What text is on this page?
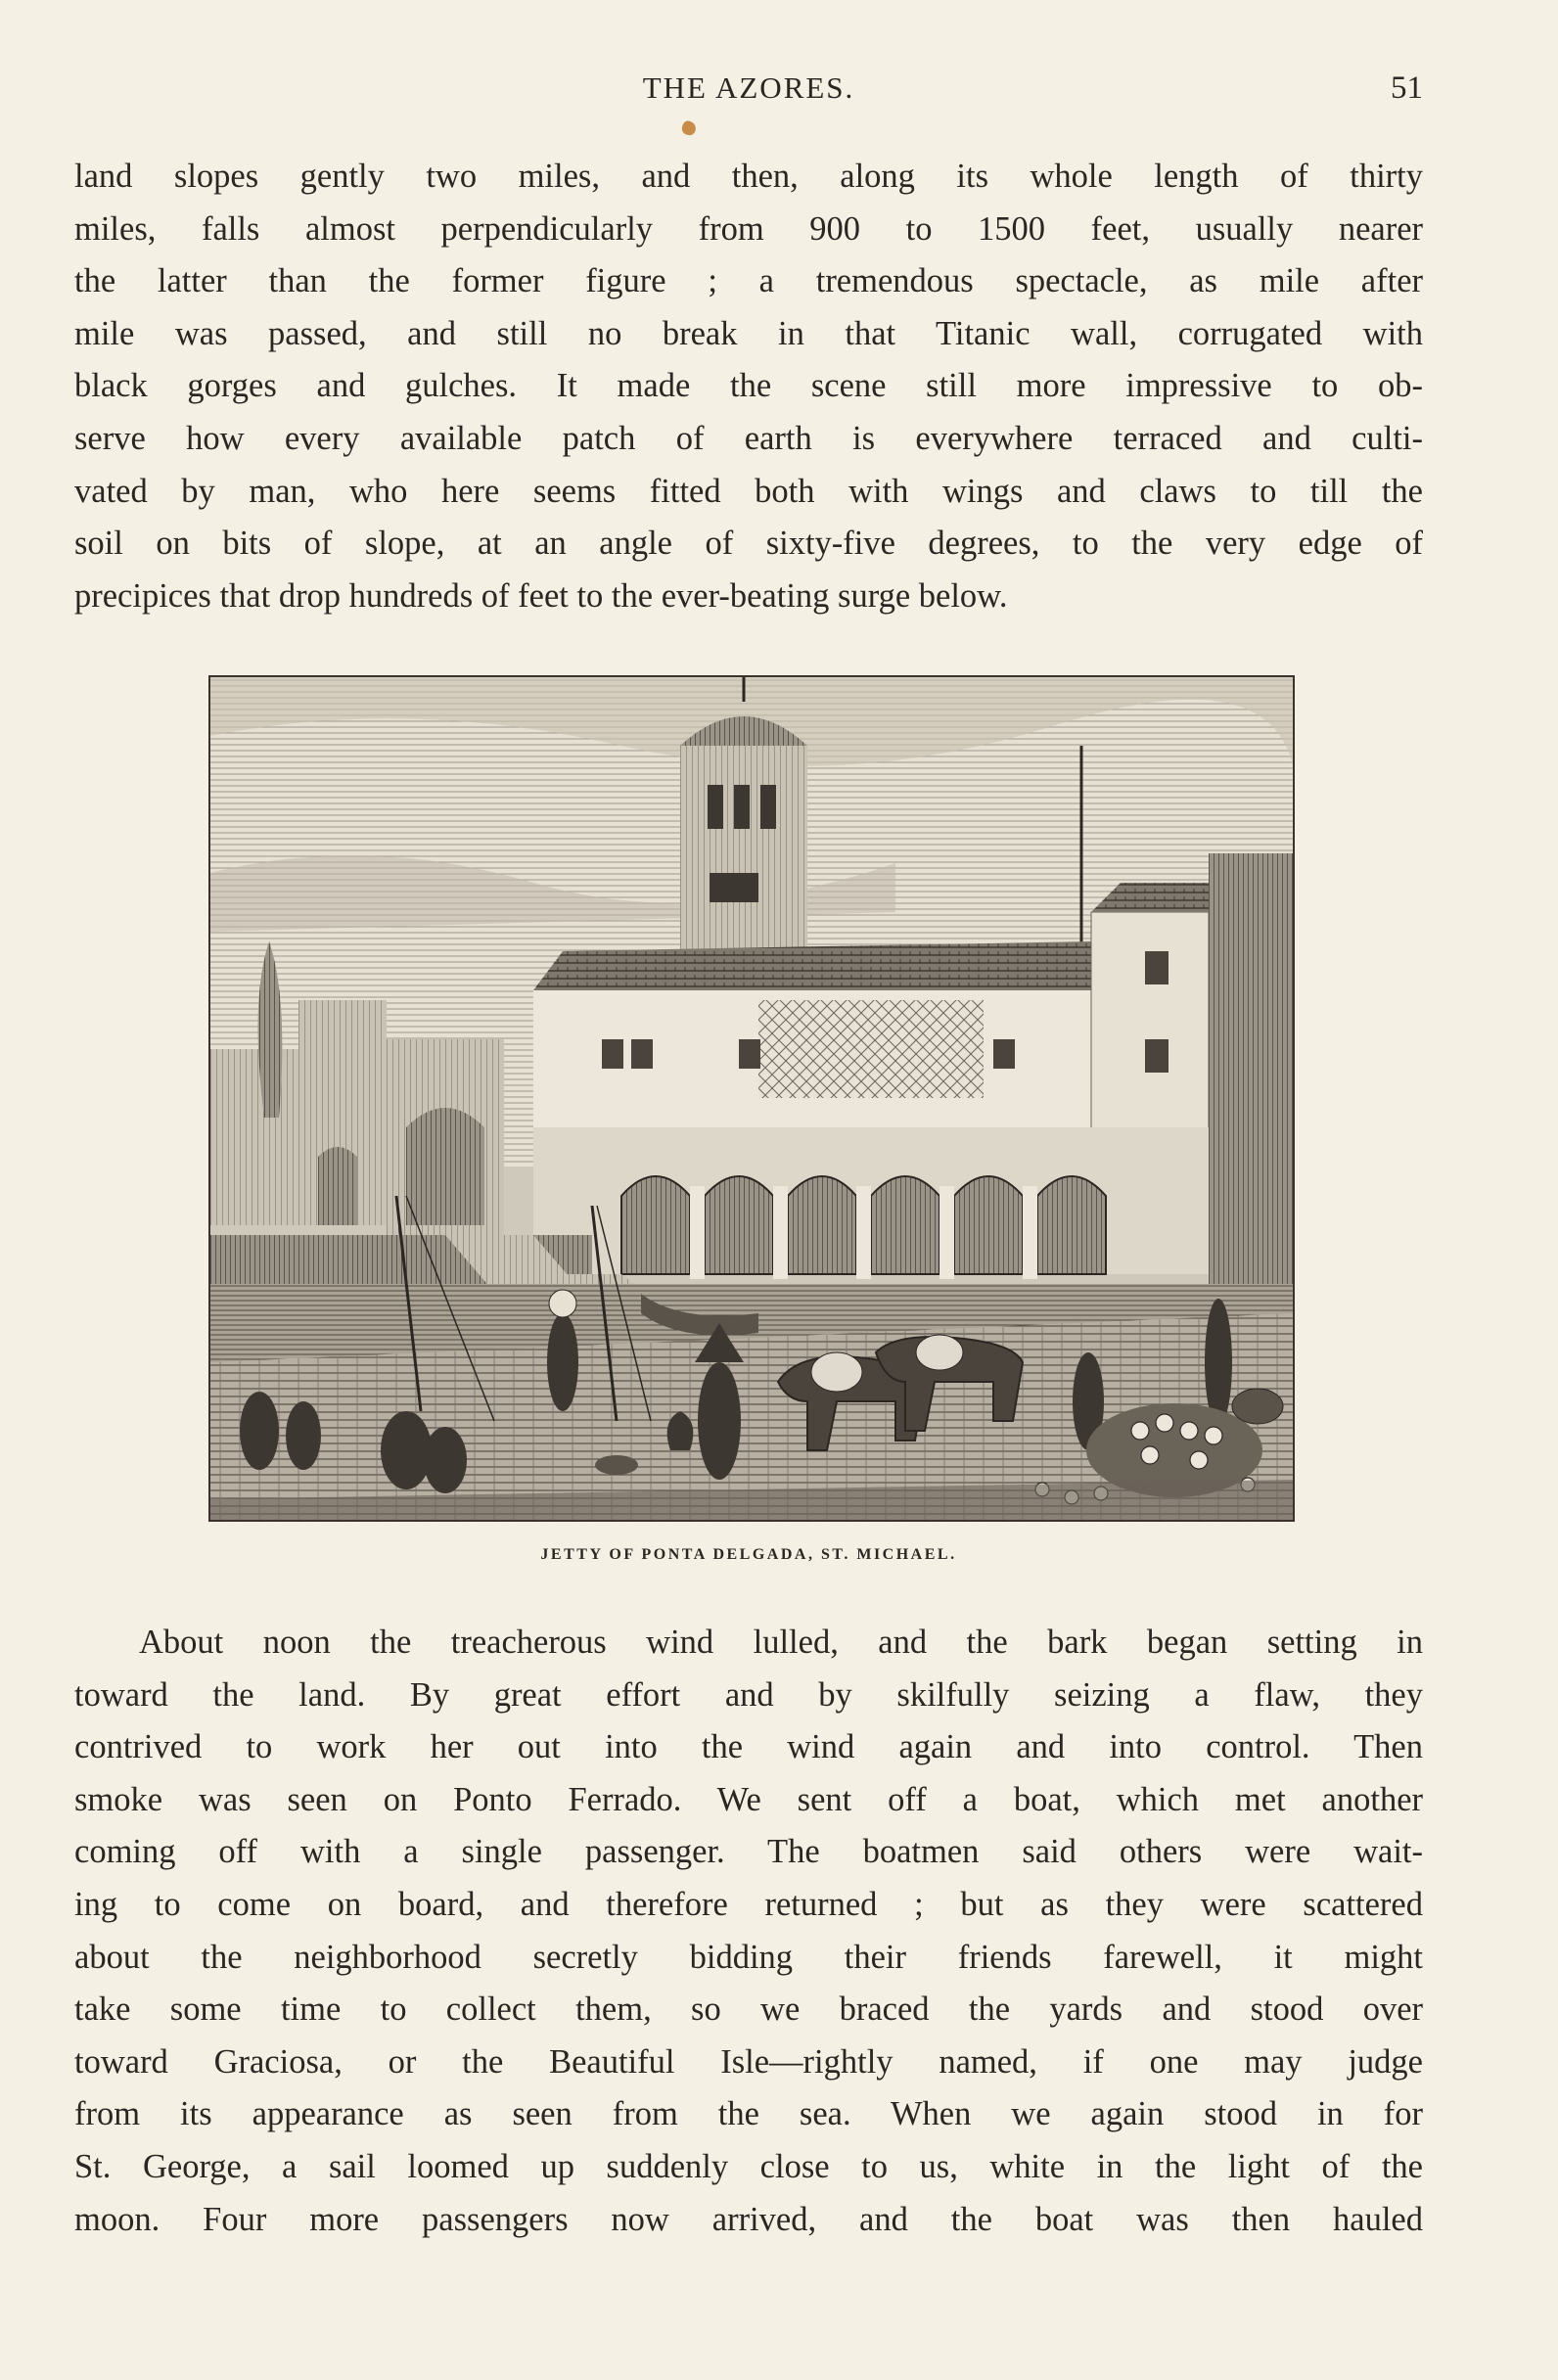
THE AZORES.	51

land slopes gently two miles, and then, along its whole length of thirty
miles, falls almost perpendicularly from 900 to 1500 feet, usually nearer
the latter than the former figure ; a tremendous spectacle, as mile after
mile was passed, and still no break in that Titanic wall, corrugated with
black gorges and gulches. It made the scene still more impressive to ob-
serve how every available patch of earth is everywhere terraced and culti-
vated by man, who here seems fitted both with wings and claws to till the
soil on bits of slope, at an angle of sixty-five degrees, to the very edge of
precipices that drop hundreds of feet to the ever-beating surge below.

JETTY OF PONTA DELGADA, ST. MICHAEL.

About noon the treacherous wind lulled, and the bark began setting in
toward the land. By great effort and by skilfully seizing a flaw, they
contrived to work her out into the wind again and into control. Then
smoke was seen on Ponto Ferrado. We sent off a boat, which met another
coming off with a single passenger. The boatmen said others were wait-
ing to come on board, and therefore returned ; but as they were scattered
about the neighborhood secretly bidding their friends farewell, it might
take some time to collect them, so we braced the yards and stood over
toward Graciosa, or the Beautiful Isle—rightly named, if one may judge
from its appearance as seen from the sea. When we again stood in for
St. George, a sail loomed up suddenly close to us, white in the light of the
moon. Four more passengers now arrived, and the boat was then hauled
